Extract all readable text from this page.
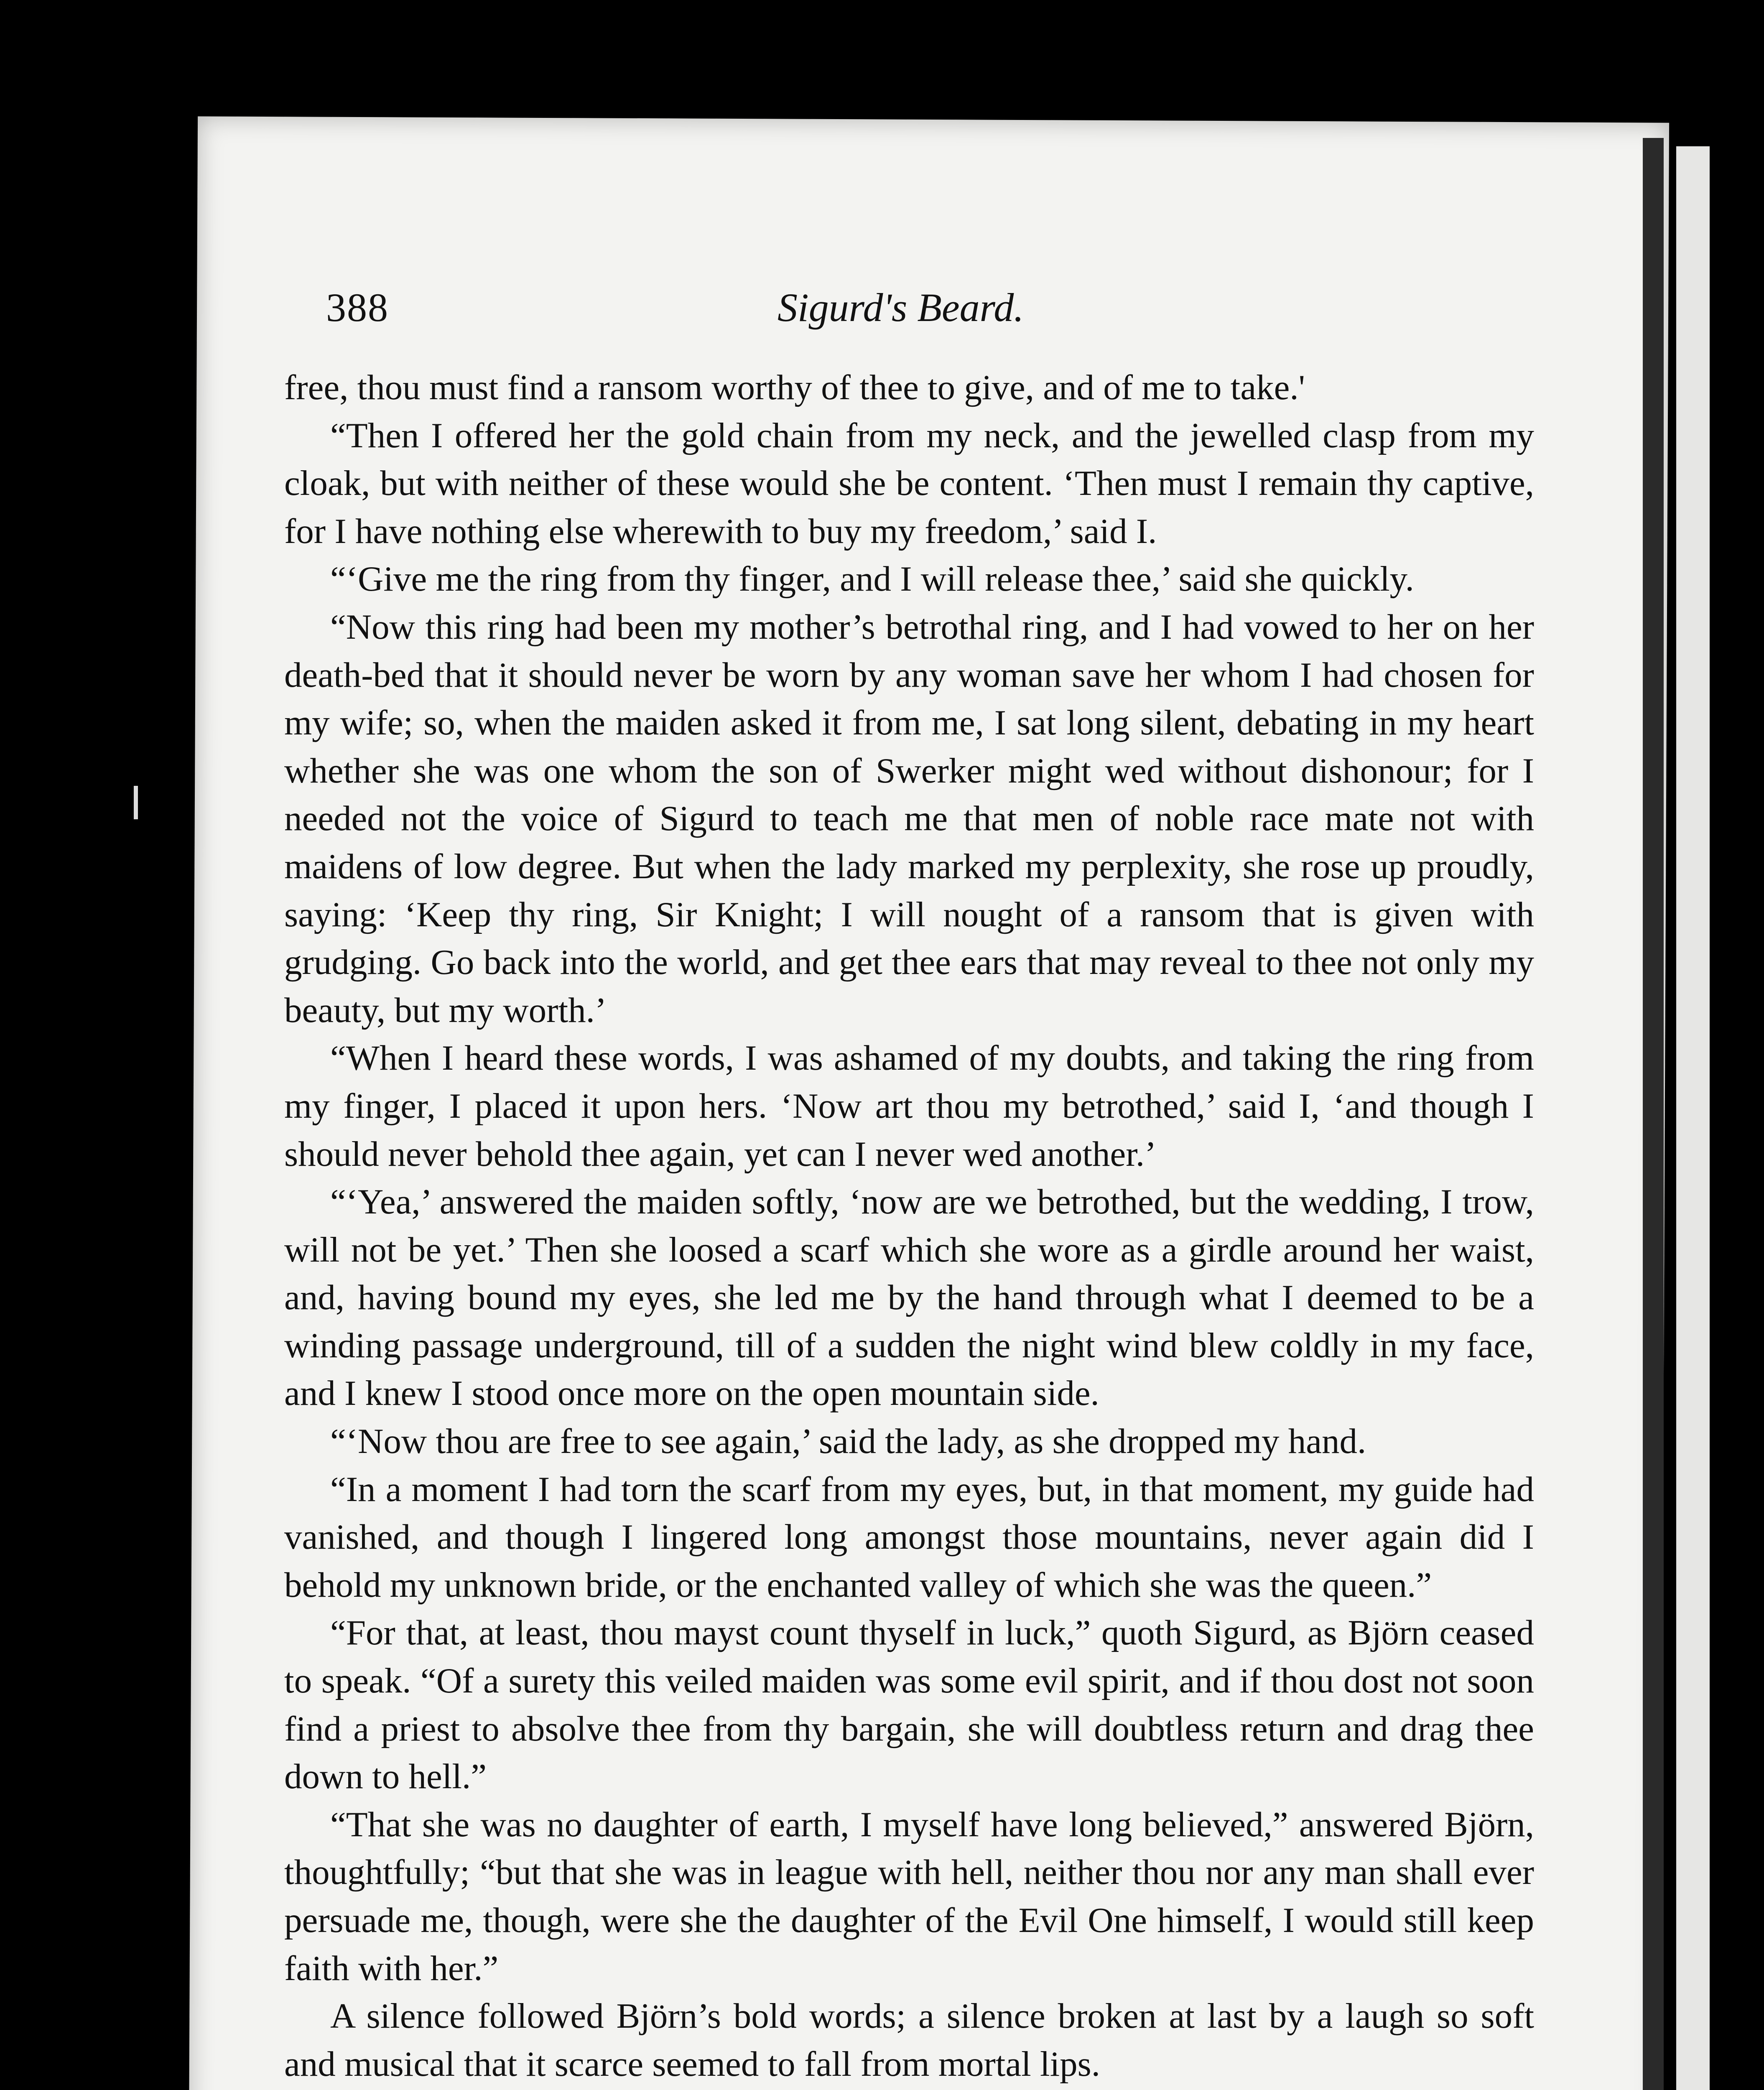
388	Sigurd's Beard.

free, thou must find a ransom worthy of thee to give, and of me to take.'

“Then I offered her the gold chain from my neck, and the jewelled clasp from my cloak, but with neither of these would she be content. ‘Then must I remain thy captive, for I have nothing else wherewith to buy my freedom,’ said I.

“‘Give me the ring from thy finger, and I will release thee,’ said she quickly.

“Now this ring had been my mother’s betrothal ring, and I had vowed to her on her death-bed that it should never be worn by any woman save her whom I had chosen for my wife; so, when the maiden asked it from me, I sat long silent, debating in my heart whether she was one whom the son of Swerker might wed without dishonour; for I needed not the voice of Sigurd to teach me that men of noble race mate not with maidens of low degree. But when the lady marked my perplexity, she rose up proudly, saying: ‘Keep thy ring, Sir Knight; I will nought of a ransom that is given with grudging. Go back into the world, and get thee ears that may reveal to thee not only my beauty, but my worth.’

“When I heard these words, I was ashamed of my doubts, and taking the ring from my finger, I placed it upon hers. ‘Now art thou my betrothed,’ said I, ‘and though I should never behold thee again, yet can I never wed another.’

“‘Yea,’ answered the maiden softly, ‘now are we betrothed, but the wedding, I trow, will not be yet.’ Then she loosed a scarf which she wore as a girdle around her waist, and, having bound my eyes, she led me by the hand through what I deemed to be a winding passage underground, till of a sudden the night wind blew coldly in my face, and I knew I stood once more on the open mountain side.

“‘Now thou are free to see again,’ said the lady, as she dropped my hand.

“In a moment I had torn the scarf from my eyes, but, in that moment, my guide had vanished, and though I lingered long amongst those mountains, never again did I behold my unknown bride, or the enchanted valley of which she was the queen.”

“For that, at least, thou mayst count thyself in luck,” quoth Sigurd, as Björn ceased to speak. “Of a surety this veiled maiden was some evil spirit, and if thou dost not soon find a priest to absolve thee from thy bargain, she will doubtless return and drag thee down to hell.”

“That she was no daughter of earth, I myself have long believed,” answered Björn, thoughtfully; “but that she was in league with hell, neither thou nor any man shall ever persuade me, though, were she the daughter of the Evil One himself, I would still keep faith with her.”

A silence followed Björn’s bold words; a silence broken at last by a laugh so soft and musical that it scarce seemed to fall from mortal lips.
